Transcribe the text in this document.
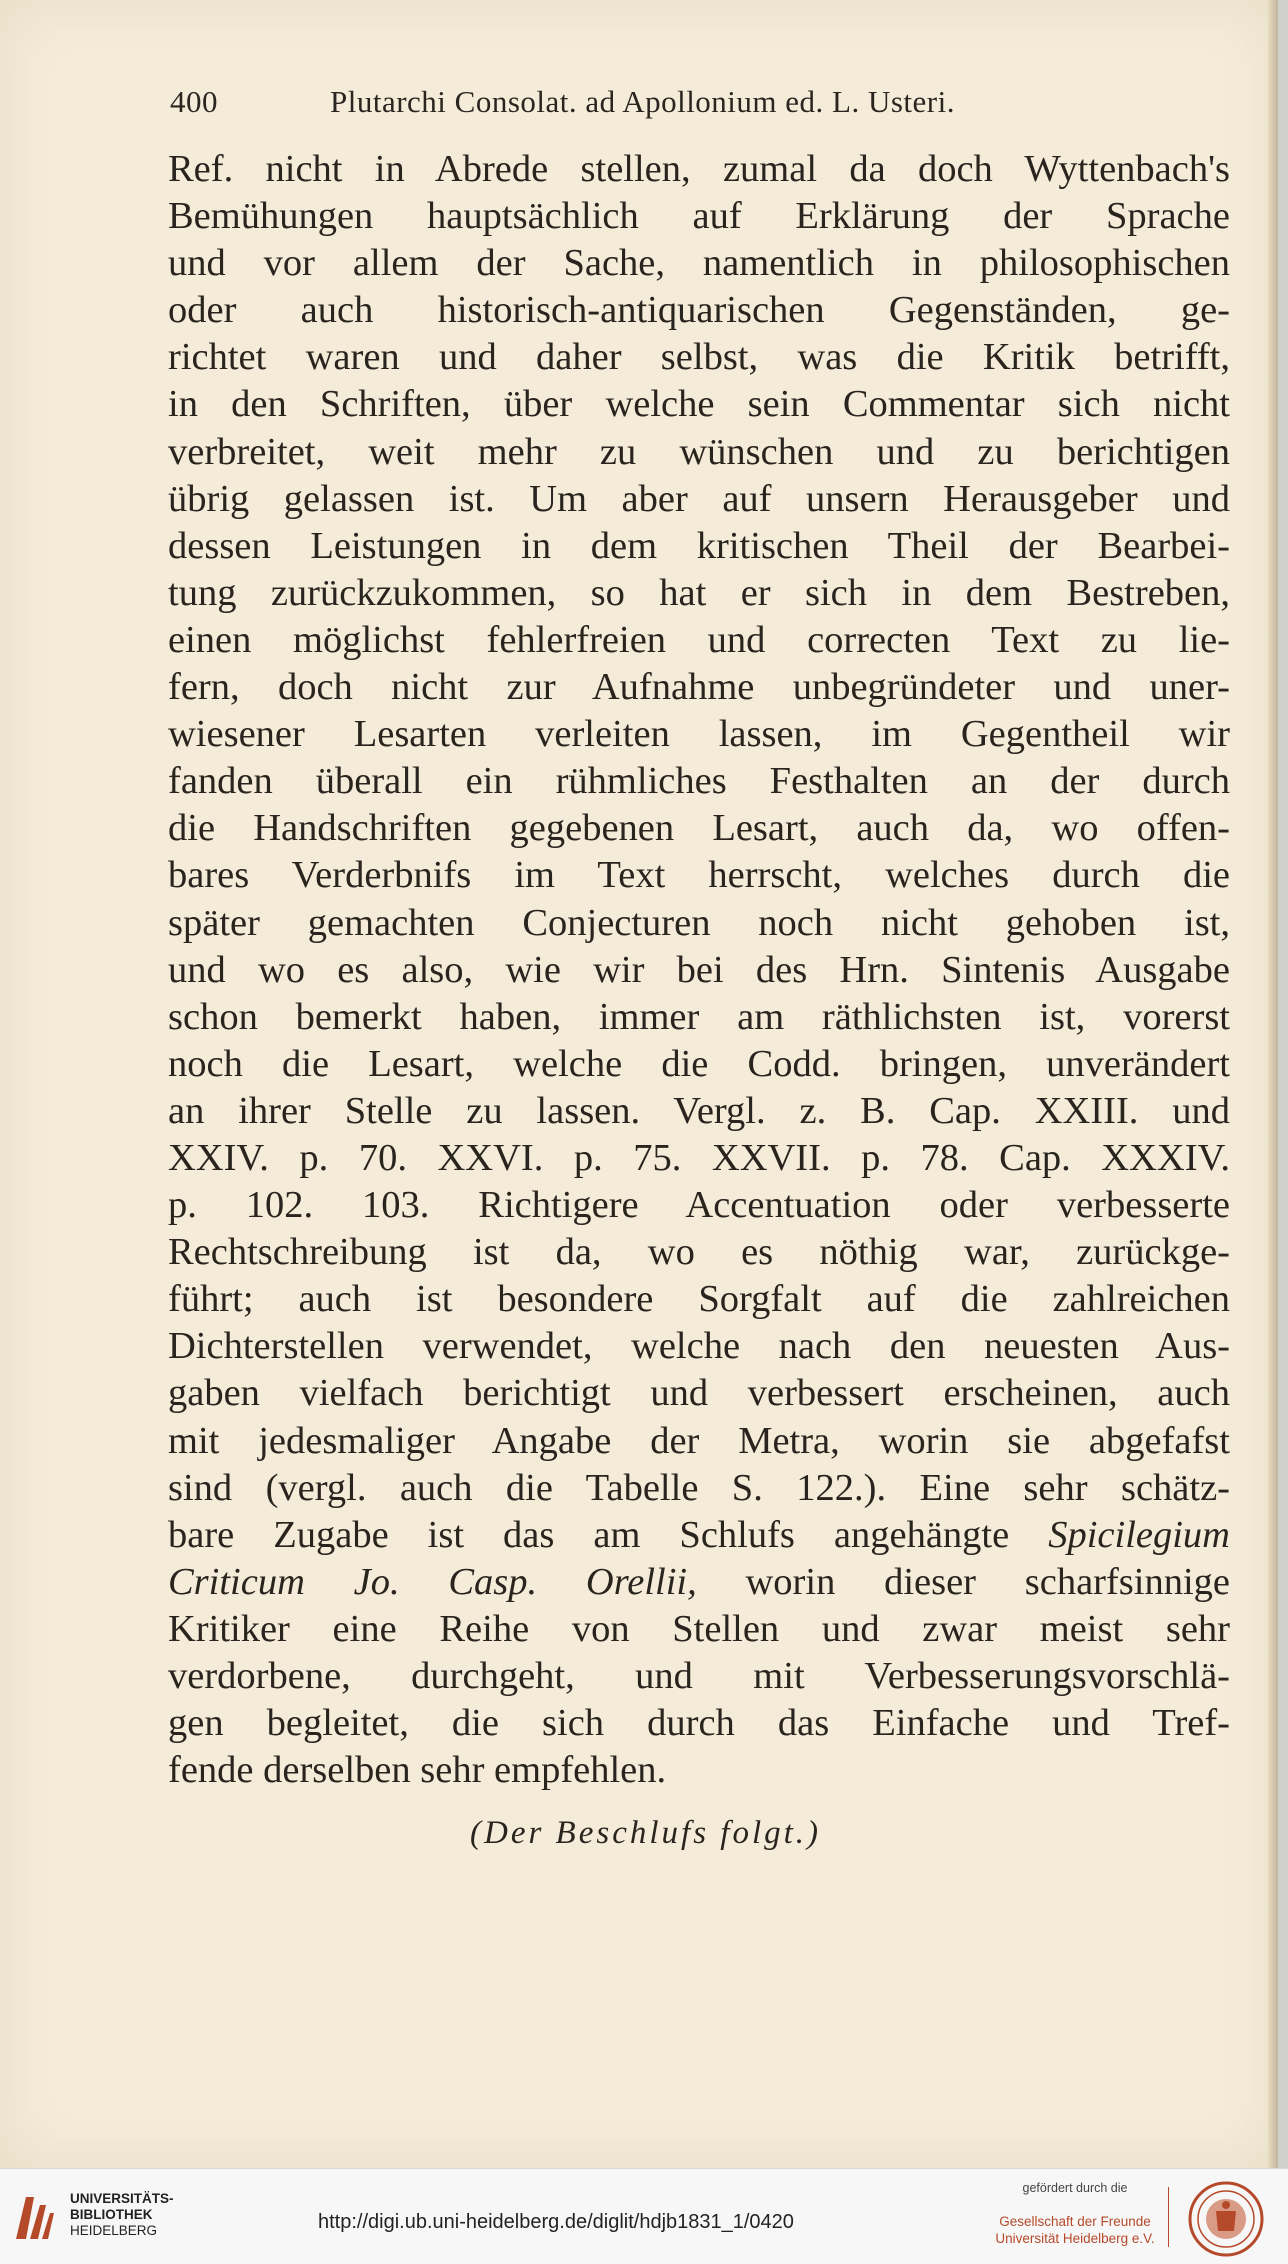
400	Plutarchi Consolat. ad Apollonium ed. L. Usteri.
Ref. nicht in Abrede stellen, zumal da doch Wyttenbach's
Bemühungen hauptsächlich auf Erklärung der Sprache
und vor allem der Sache, namentlich in philosophischen
oder auch historisch-antiquarischen Gegenständen, ge-
richtet waren und daher selbst, was die Kritik betrifft,
in den Schriften, über welche sein Commentar sich nicht
verbreitet, weit mehr zu wünschen und zu berichtigen
übrig gelassen ist. Um aber auf unsern Herausgeber und
dessen Leistungen in dem kritischen Theil der Bearbei-
tung zurückzukommen, so hat er sich in dem Bestreben,
einen möglichst fehlerfreien und correcten Text zu lie-
fern, doch nicht zur Aufnahme unbegründeter und uner-
wiesener Lesarten verleiten lassen, im Gegentheil wir
fanden überall ein rühmliches Festhalten an der durch
die Handschriften gegebenen Lesart, auch da, wo offen-
bares Verderbnifs im Text herrscht, welches durch die
später gemachten Conjecturen noch nicht gehoben ist,
und wo es also, wie wir bei des Hrn. Sintenis Ausgabe
schon bemerkt haben, immer am räthlichsten ist, vorerst
noch die Lesart, welche die Codd. bringen, unverändert
an ihrer Stelle zu lassen. Vergl. z. B. Cap. XXIII. und
XXIV. p. 70. XXVI. p. 75. XXVII. p. 78. Cap. XXXIV.
p. 102. 103. Richtigere Accentuation oder verbesserte
Rechtschreibung ist da, wo es nöthig war, zurückge-
führt; auch ist besondere Sorgfalt auf die zahlreichen
Dichterstellen verwendet, welche nach den neuesten Aus-
gaben vielfach berichtigt und verbessert erscheinen, auch
mit jedesmaliger Angabe der Metra, worin sie abgefafst
sind (vergl. auch die Tabelle S. 122.). Eine sehr schätz-
bare Zugabe ist das am Schlufs angehängte Spicilegium
Criticum Jo. Casp. Orellii, worin dieser scharfsinnige
Kritiker eine Reihe von Stellen und zwar meist sehr
verdorbene, durchgeht, und mit Verbesserungsvorschlä-
gen begleitet, die sich durch das Einfache und Tref-
fende derselben sehr empfehlen.
(Der Beschlufs folgt.)
UNIVERSITÄTS-
BIBLIOTHEK
HEIDELBERG	http://digi.ub.uni-heidelberg.de/diglit/hdjb1831_1/0420
gefördert durch die
Gesellschaft der Freunde
Universität Heidelberg e.V.
